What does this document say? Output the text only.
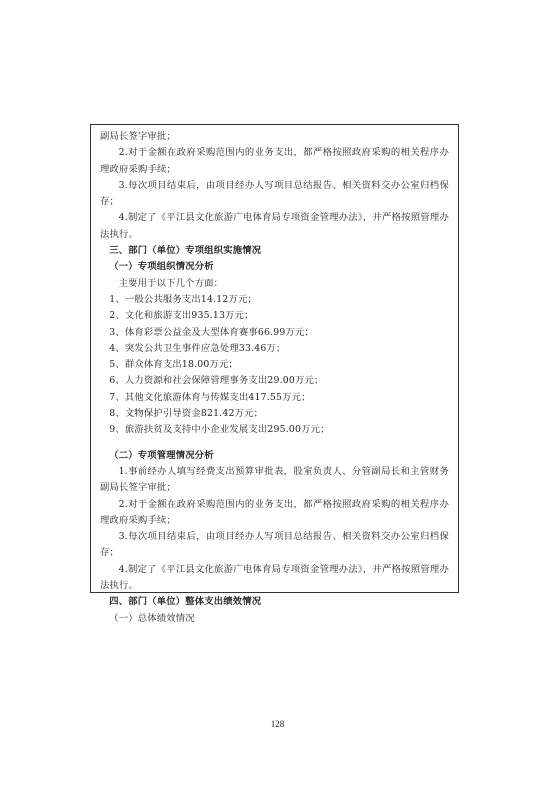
副局长签字审批；

2.对于金额在政府采购范围内的业务支出，都严格按照政府采购的相关程序办理政府采购手续；

3.每次项目结束后，由项目经办人写项目总结报告、相关资料交办公室归档保存；

4.制定了《平江县文化旅游广电体育局专项资金管理办法》，并严格按照管理办法执行。

三、部门（单位）专项组织实施情况

（一）专项组织情况分析

主要用于以下几个方面：

1、一般公共服务支出14.12万元；

2、文化和旅游支出935.13万元；

3、体育彩票公益金及大型体育赛事66.99万元；

4、突发公共卫生事件应急处理33.46万；

5、群众体育支出18.00万元；

6、人力资源和社会保障管理事务支出29.00万元；

7、其他文化旅游体育与传媒支出417.55万元；

8、文物保护引导资金821.42万元；

9、旅游扶贫及支持中小企业发展支出295.00万元；

（二）专项管理情况分析

1.事前经办人填写经费支出预算审批表，股室负责人、分管副局长和主管财务副局长签字审批；

2.对于金额在政府采购范围内的业务支出，都严格按照政府采购的相关程序办理政府采购手续；

3.每次项目结束后，由项目经办人写项目总结报告、相关资料交办公室归档保存；

4.制定了《平江县文化旅游广电体育局专项资金管理办法》，并严格按照管理办法执行。

四、部门（单位）整体支出绩效情况

（一）总体绩效情况

128
